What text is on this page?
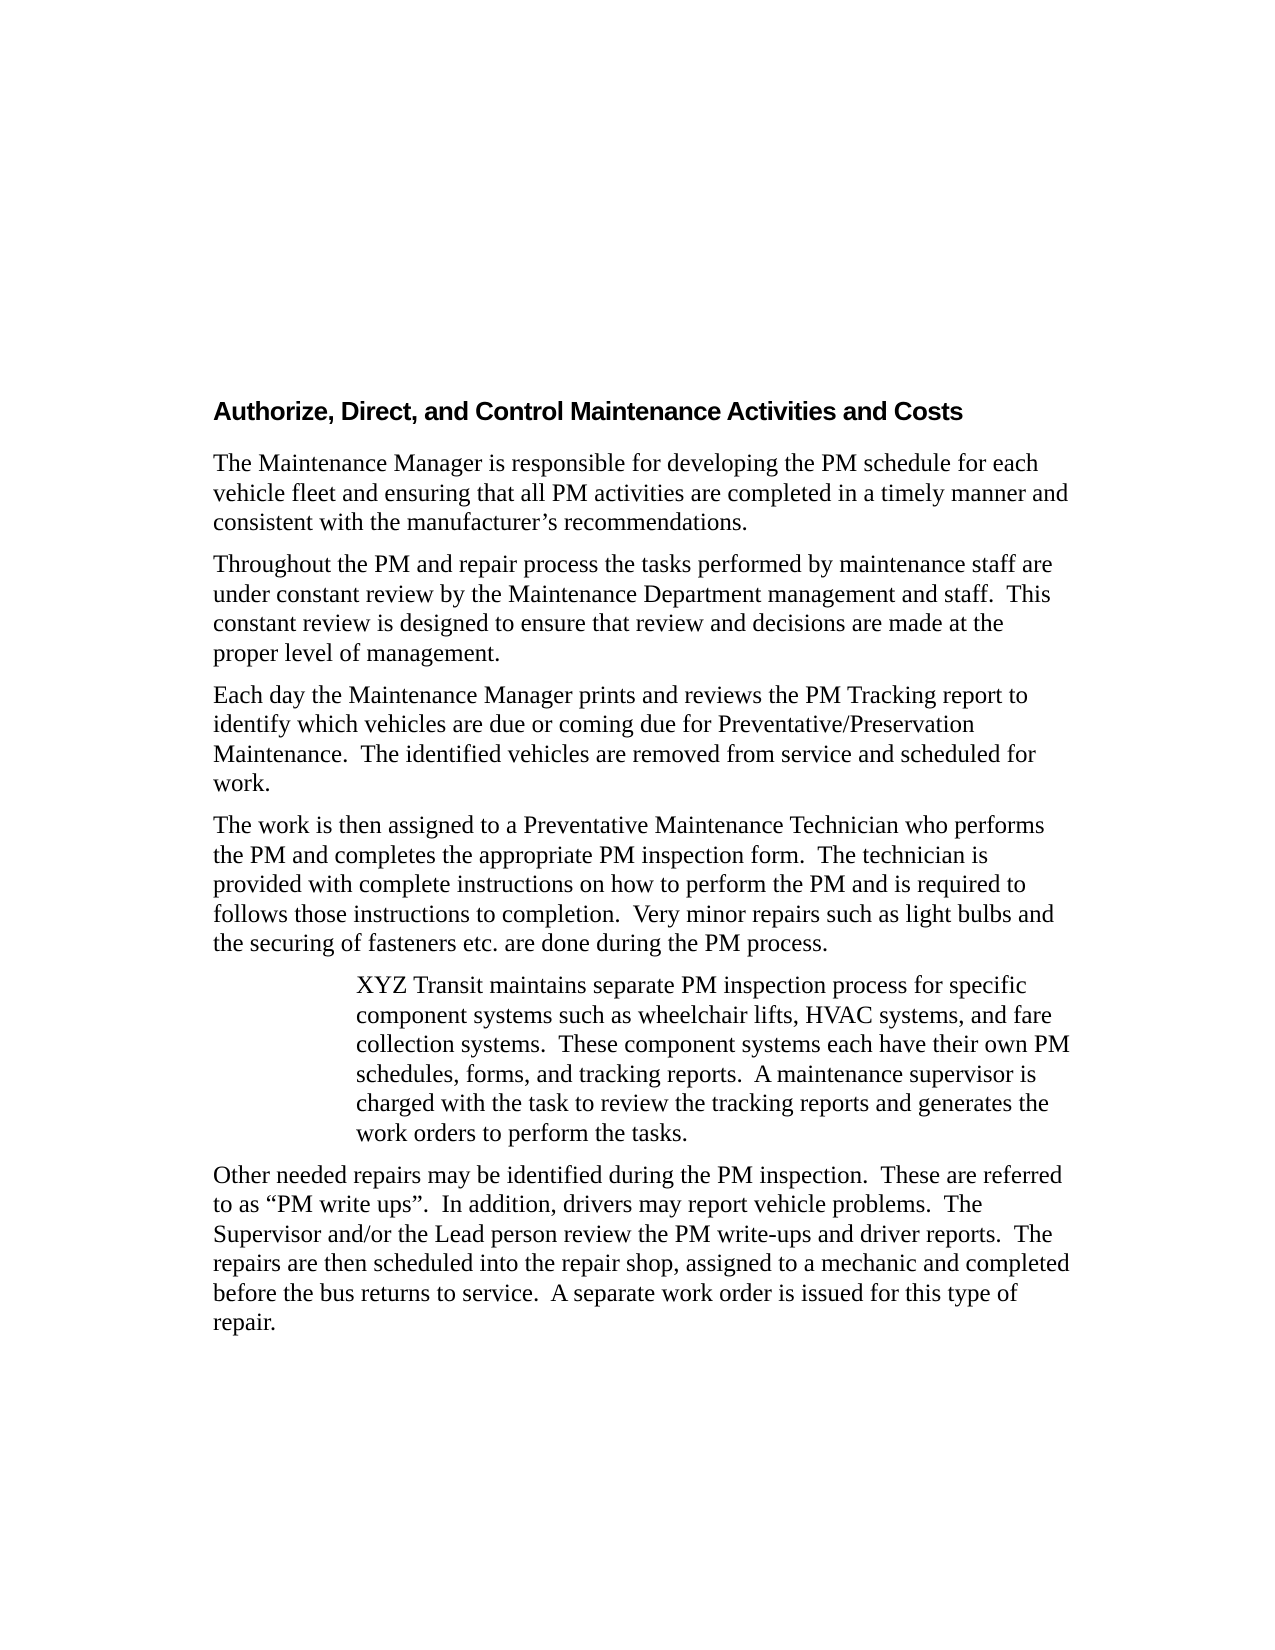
Authorize, Direct, and Control Maintenance Activities and Costs

The Maintenance Manager is responsible for developing the PM schedule for each vehicle fleet and ensuring that all PM activities are completed in a timely manner and consistent with the manufacturer’s recommendations.

Throughout the PM and repair process the tasks performed by maintenance staff are under constant review by the Maintenance Department management and staff.  This constant review is designed to ensure that review and decisions are made at the proper level of management.

Each day the Maintenance Manager prints and reviews the PM Tracking report to identify which vehicles are due or coming due for Preventative/Preservation Maintenance.  The identified vehicles are removed from service and scheduled for work.

The work is then assigned to a Preventative Maintenance Technician who performs the PM and completes the appropriate PM inspection form.  The technician is provided with complete instructions on how to perform the PM and is required to follows those instructions to completion.  Very minor repairs such as light bulbs and the securing of fasteners etc. are done during the PM process.

XYZ Transit maintains separate PM inspection process for specific component systems such as wheelchair lifts, HVAC systems, and fare collection systems.  These component systems each have their own PM schedules, forms, and tracking reports.  A maintenance supervisor is charged with the task to review the tracking reports and generates the work orders to perform the tasks.

Other needed repairs may be identified during the PM inspection.  These are referred to as “PM write ups”.  In addition, drivers may report vehicle problems.  The Supervisor and/or the Lead person review the PM write-ups and driver reports.  The repairs are then scheduled into the repair shop, assigned to a mechanic and completed before the bus returns to service.  A separate work order is issued for this type of repair.
